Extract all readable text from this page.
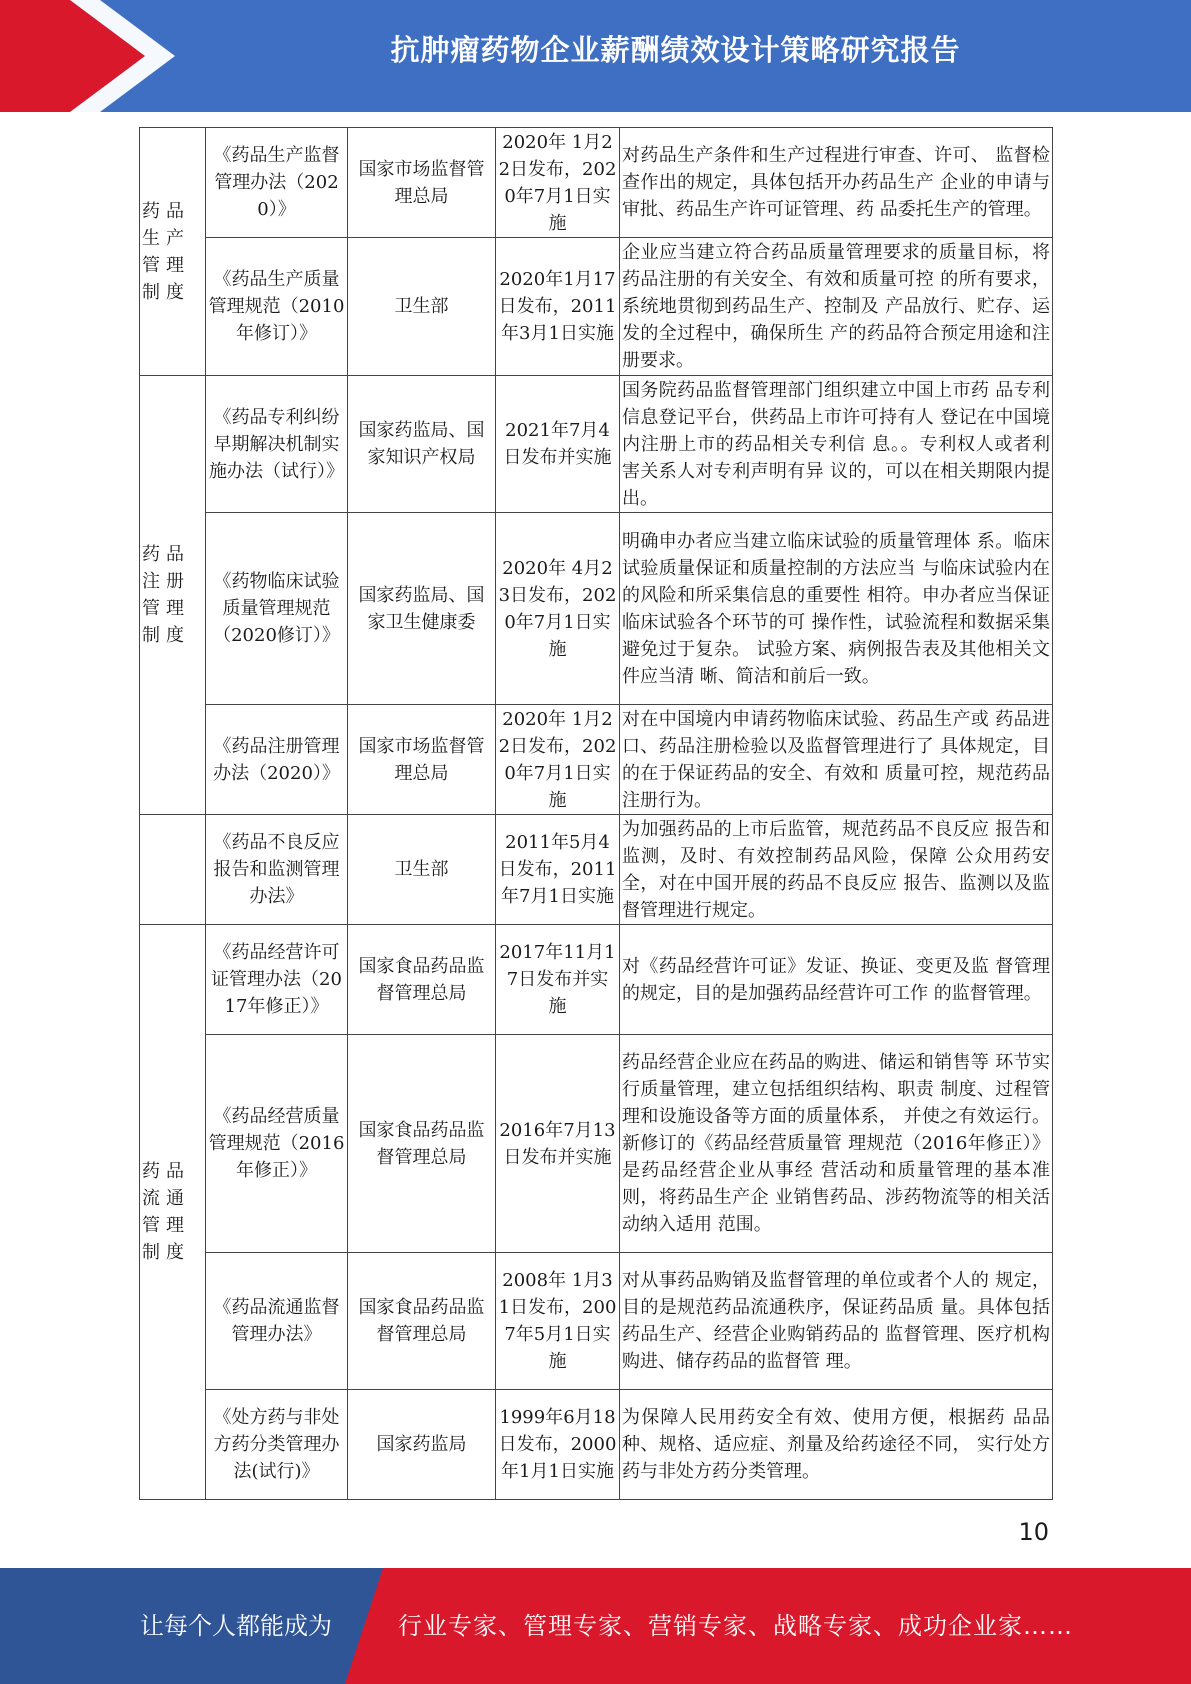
抗肿瘤药物企业薪酬绩效设计策略研究报告
药品生产管理制度	《药品生产监督管理办法（2020）》	国家市场监督管理总局	2020年 1月22日发布，2020年7月1日实施	对药品生产条件和生产过程进行审查、许可、 监督检查作出的规定，具体包括开办药品生产 企业的申请与审批、药品生产许可证管理、药 品委托生产的管理。
	《药品生产质量管理规范（2010年修订）》	卫生部	2020年1月17日发布，2011年3月1日实施	企业应当建立符合药品质量管理要求的质量目标，将药品注册的有关安全、有效和质量可控 的所有要求，系统地贯彻到药品生产、控制及 产品放行、贮存、运发的全过程中，确保所生 产的药品符合预定用途和注册要求。
药品注册管理制度	《药品专利纠纷早期解决机制实施办法（试行）》	国家药监局、国家知识产权局	2021年7月4日发布并实施	国务院药品监督管理部门组织建立中国上市药 品专利信息登记平台，供药品上市许可持有人 登记在中国境内注册上市的药品相关专利信 息。。专利权人或者利害关系人对专利声明有异 议的，可以在相关期限内提出。
	《药物临床试验质量管理规范（2020修订）》	国家药监局、国家卫生健康委	2020年 4月23日发布，2020年7月1日实施	明确申办者应当建立临床试验的质量管理体 系。临床试验质量保证和质量控制的方法应当 与临床试验内在的风险和所采集信息的重要性 相符。申办者应当保证临床试验各个环节的可 操作性，试验流程和数据采集避免过于复杂。 试验方案、病例报告表及其他相关文件应当清 晰、简洁和前后一致。
	《药品注册管理办法（2020）》	国家市场监督管理总局	2020年 1月22日发布，2020年7月1日实施	对在中国境内申请药物临床试验、药品生产或 药品进口、药品注册检验以及监督管理进行了 具体规定，目的在于保证药品的安全、有效和 质量可控，规范药品注册行为。
	《药品不良反应报告和监测管理办法》	卫生部	2011年5月4日发布，2011年7月1日实施	为加强药品的上市后监管，规范药品不良反应 报告和监测，及时、有效控制药品风险，保障 公众用药安全，对在中国开展的药品不良反应 报告、监测以及监督管理进行规定。
药品流通管理制度	《药品经营许可证管理办法（2017年修正）》	国家食品药品监督管理总局	2017年11月17日发布并实施	对《药品经营许可证》发证、换证、变更及监 督管理的规定，目的是加强药品经营许可工作 的监督管理。
	《药品经营质量管理规范（2016年修正）》	国家食品药品监督管理总局	2016年7月13日发布并实施	药品经营企业应在药品的购进、储运和销售等 环节实行质量管理，建立包括组织结构、职责 制度、过程管理和设施设备等方面的质量体系， 并使之有效运行。新修订的《药品经营质量管 理规范（2016年修正）》是药品经营企业从事经 营活动和质量管理的基本准则，将药品生产企 业销售药品、涉药物流等的相关活动纳入适用 范围。
	《药品流通监督管理办法》	国家食品药品监督管理总局	2008年 1月31日发布，2007年5月1日实施	对从事药品购销及监督管理的单位或者个人的 规定，目的是规范药品流通秩序，保证药品质 量。具体包括药品生产、经营企业购销药品的 监督管理、医疗机构购进、储存药品的监督管 理。
	《处方药与非处方药分类管理办法(试行)》	国家药监局	1999年6月18日发布，2000年1月1日实施	为保障人民用药安全有效、使用方便，根据药 品品种、规格、适应症、剂量及给药途径不同， 实行处方药与非处方药分类管理。
10
让每个人都能成为	行业专家、管理专家、营销专家、战略专家、成功企业家……
